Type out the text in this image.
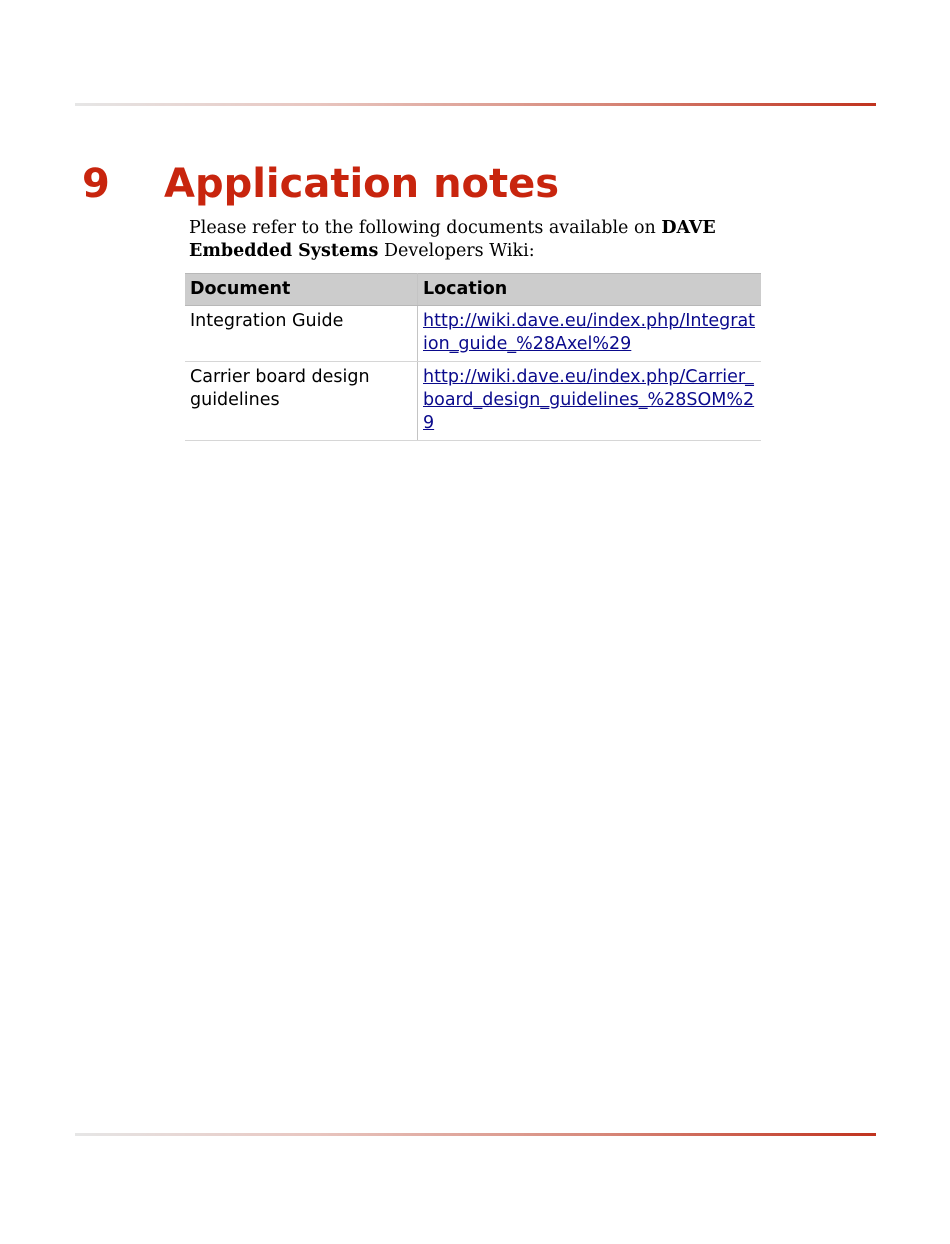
9 Application notes

Please refer to the following documents available on DAVE Embedded Systems Developers Wiki:

Document	Location
Integration Guide	http://wiki.dave.eu/index.php/Integration_guide_%28Axel%29
Carrier board design guidelines	http://wiki.dave.eu/index.php/Carrier_board_design_guidelines_%28SOM%29
